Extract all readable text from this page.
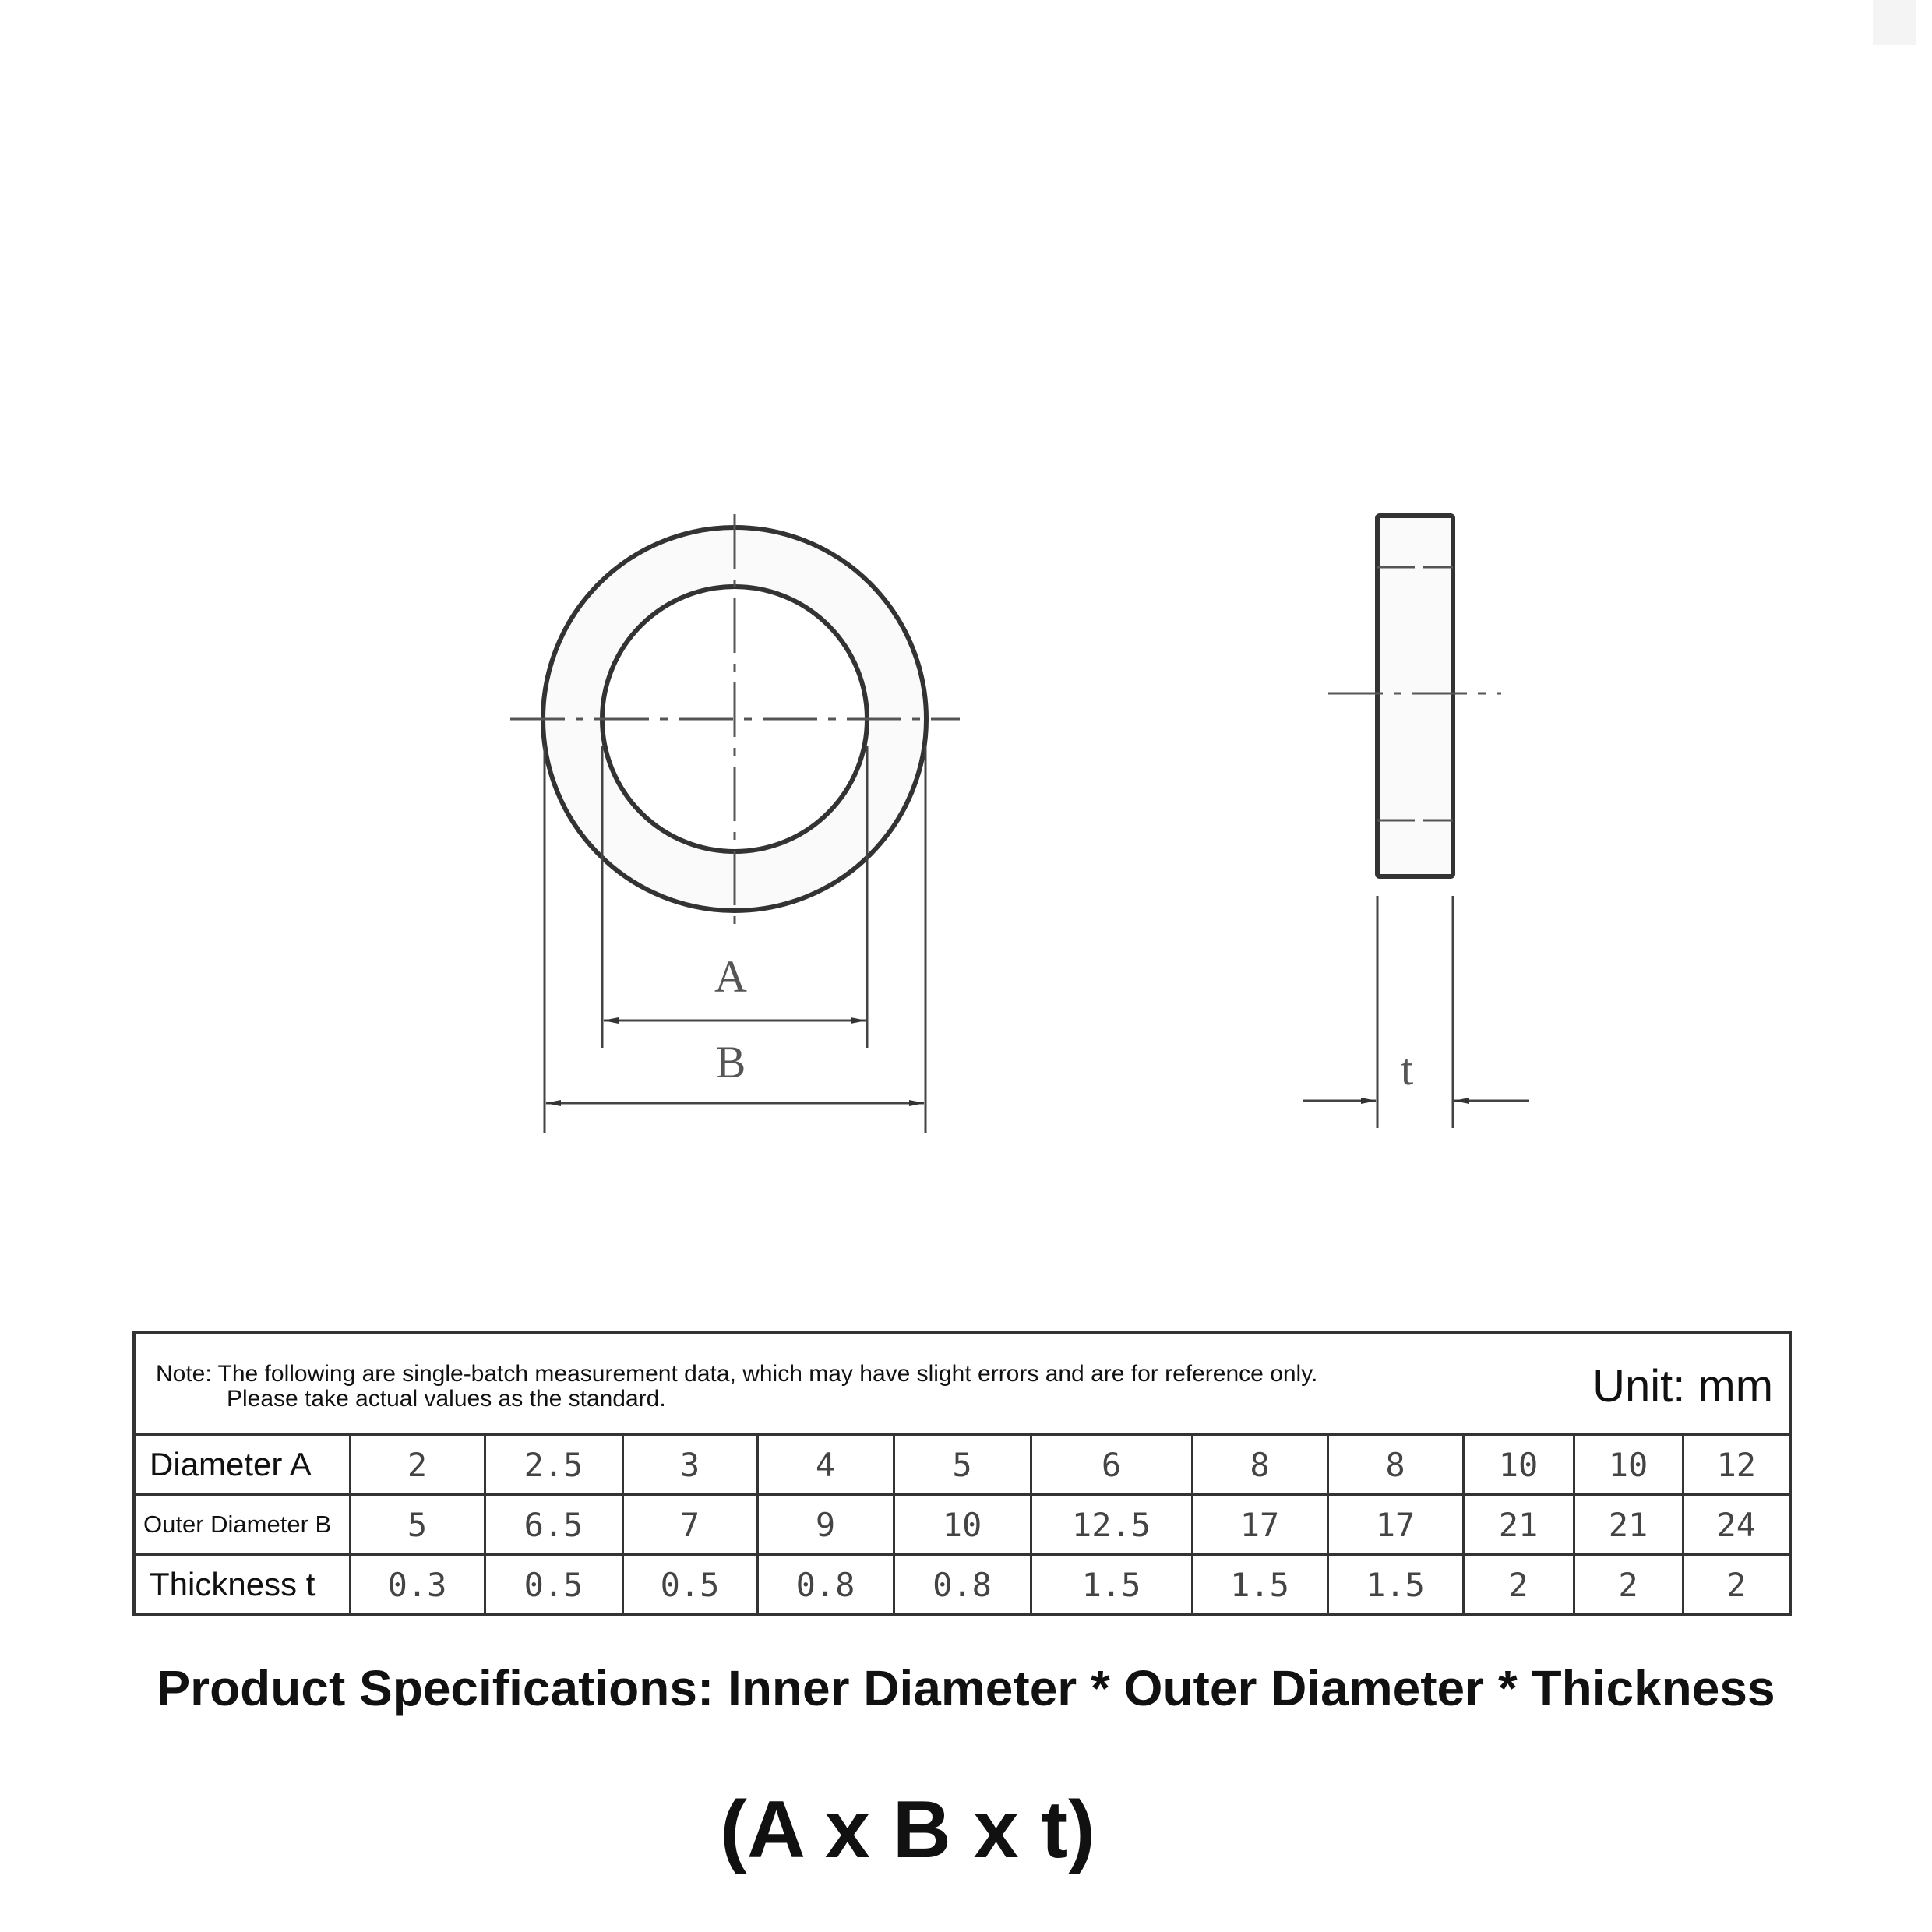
A
B	t
Note: The following are single-batch measurement data, which may have slight errors and are for reference only.
Please take actual values as the standard. Unit: mm											

Diameter A	2	2.5	3	4	5	6	8	8	10	10	12
Outer Diameter B	5	6.5	7	9	10	12.5	17	17	21	21	24
Thickness t	0.3	0.5	0.5	0.8	0.8	1.5	1.5	1.5	2	2	2
Product Specifications: Inner Diameter * Outer Diameter * Thickness
(A x B x t)
